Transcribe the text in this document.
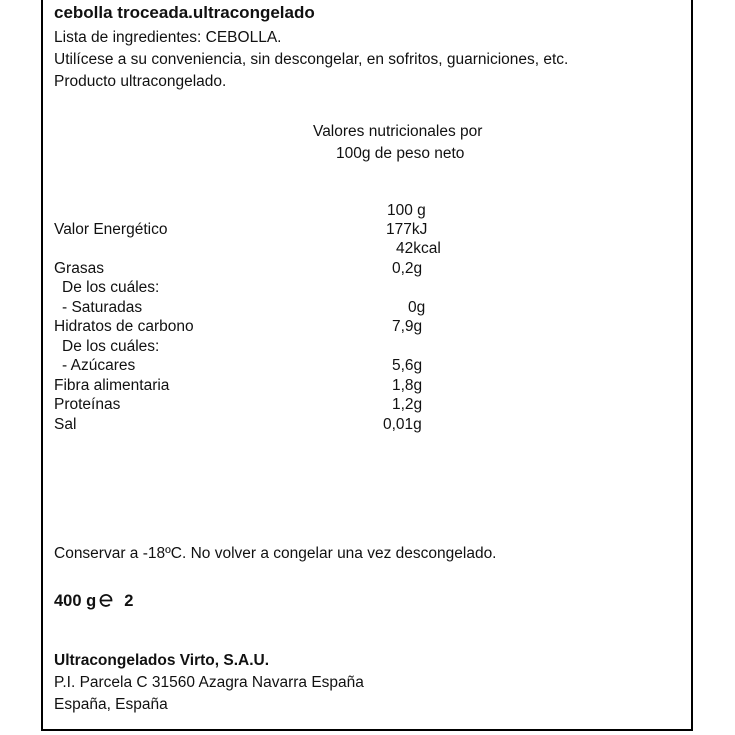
cebolla troceada.ultracongelado
Lista de ingredientes: CEBOLLA.
Utilícese a su conveniencia, sin descongelar, en sofritos, guarniciones, etc.
Producto ultracongelado.
Valores nutricionales por
100g de peso neto
100 g
Valor Energético	177kJ
42kcal
Grasas	0,2g
De los cuáles:
- Saturadas	0g
Hidratos de carbono	7,9g
De los cuáles:
- Azúcares	5,6g
Fibra alimentaria	1,8g
Proteínas	1,2g
Sal	0,01g
Conservar a -18ºC. No volver a congelar una vez descongelado.
400 g 2
Ultracongelados Virto, S.A.U.
P.I. Parcela C 31560 Azagra Navarra España
España, España
